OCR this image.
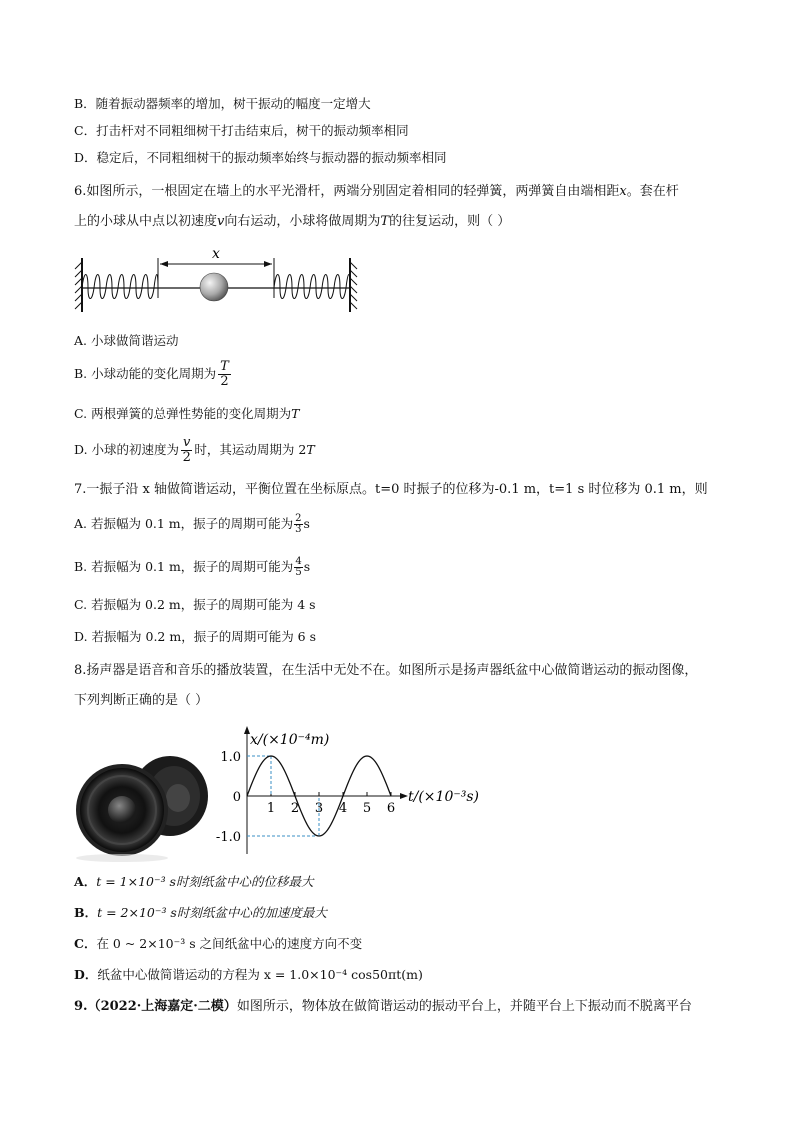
B．随着振动器频率的增加，树干振动的幅度一定增大
C．打击杆对不同粗细树干打击结束后，树干的振动频率相同
D．稳定后，不同粗细树干的振动频率始终与振动器的振动频率相同
6.如图所示，一根固定在墙上的水平光滑杆，两端分别固定着相同的轻弹簧，两弹簧自由端相距x。套在杆
上的小球从中点以初速度v向右运动，小球将做周期为T的往复运动，则（ ）
x
A. 小球做简谐运动
B. 小球动能的变化周期为 $\frac{T}{2}$
C. 两根弹簧的总弹性势能的变化周期为T
D. 小球的初速度为 $\frac{v}{2}$ 时，其运动周期为 2T
7.一振子沿 x 轴做简谐运动，平衡位置在坐标原点。t=0 时振子的位移为-0.1 m，t=1 s 时位移为 0.1 m，则
A. 若振幅为 0.1 m，振子的周期可能为 $\frac{2}{3}$ s
B. 若振幅为 0.1 m，振子的周期可能为 $\frac{4}{5}$ s
C. 若振幅为 0.2 m，振子的周期可能为 4 s
D. 若振幅为 0.2 m，振子的周期可能为 6 s
8.扬声器是语音和音乐的播放装置，在生活中无处不在。如图所示是扬声器纸盆中心做简谐运动的振动图像，
下列判断正确的是（ ）
x/(×10⁻⁴m)
t/(×10⁻³s)
1 2 3 4 5 6
1.0
0
-1.0
A．t = 1×10⁻³ s时刻纸盆中心的位移最大
B．t = 2×10⁻³ s时刻纸盆中心的加速度最大
C．在 0 ~ 2×10⁻³ s 之间纸盆中心的速度方向不变
D．纸盆中心做简谐运动的方程为 x = 1.0×10⁻⁴ cos50πt(m)
9.（2022·上海嘉定·二模）如图所示，物体放在做简谐运动的振动平台上，并随平台上下振动而不脱离平台
